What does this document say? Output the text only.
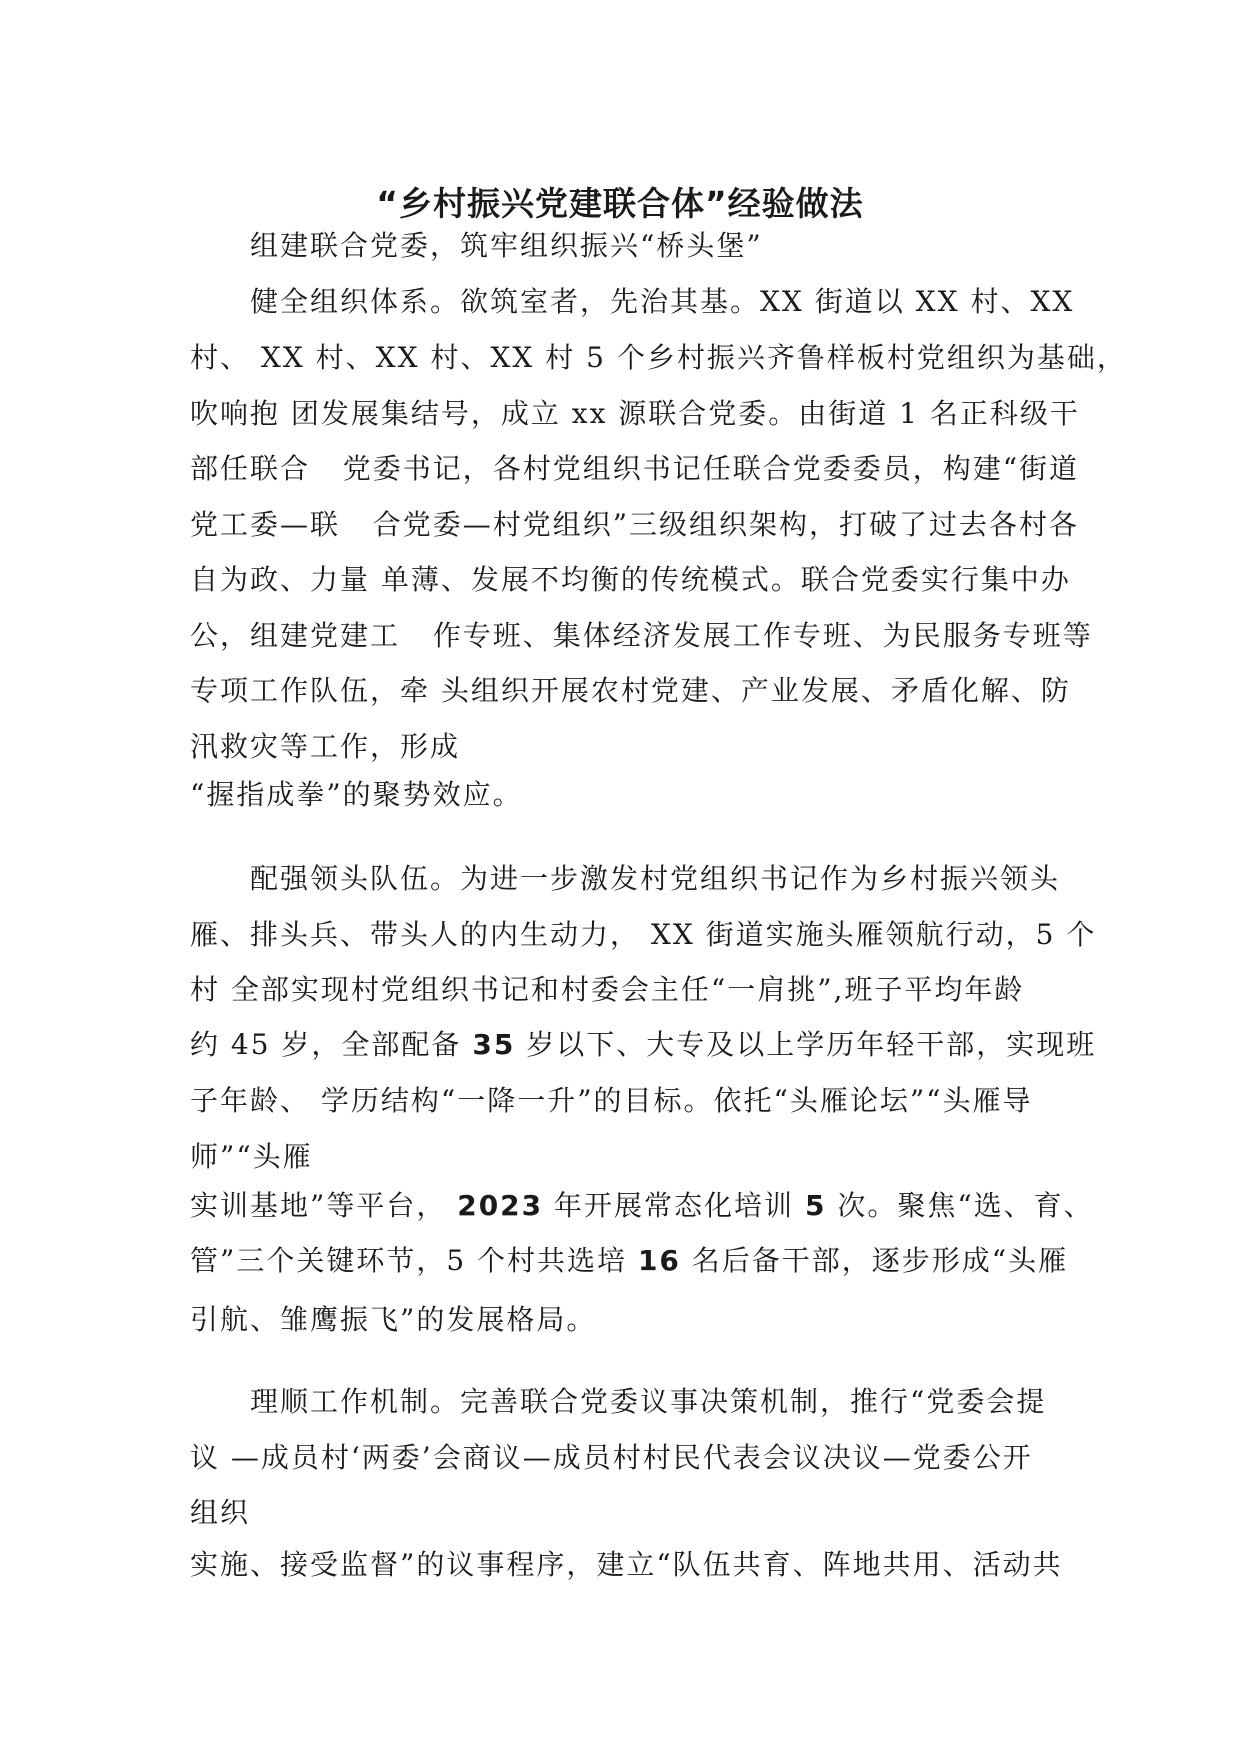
“乡村振兴党建联合体”经验做法
组建联合党委，筑牢组织振兴“桥头堡”
健全组织体系。欲筑室者，先治其基。XX 街道以 XX 村、XX
村、 XX 村、XX 村、XX 村 5 个乡村振兴齐鲁样板村党组织为基础，
吹响抱 团发展集结号，成立 xx 源联合党委。由街道 1 名正科级干
部任联合   党委书记，各村党组织书记任联合党委委员，构建“街道
党工委—联   合党委—村党组织”三级组织架构，打破了过去各村各
自为政、力量 单薄、发展不均衡的传统模式。联合党委实行集中办
公，组建党建工   作专班、集体经济发展工作专班、为民服务专班等
专项工作队伍，牵 头组织开展农村党建、产业发展、矛盾化解、防
汛救灾等工作，形成
“握指成拳”的聚势效应。
配强领头队伍。为进一步激发村党组织书记作为乡村振兴领头
雁、排头兵、带头人的内生动力， XX 街道实施头雁领航行动，5 个
村 全部实现村党组织书记和村委会主任“一肩挑”,班子平均年龄
约 45 岁，全部配备 35 岁以下、大专及以上学历年轻干部，实现班
子年龄、 学历结构“一降一升”的目标。依托“头雁论坛”“头雁导
师”“头雁
实训基地”等平台， 2023 年开展常态化培训 5 次。聚焦“选、育、
管”三个关键环节，5 个村共选培 16 名后备干部，逐步形成“头雁
引航、雏鹰振飞”的发展格局。
理顺工作机制。完善联合党委议事决策机制，推行“党委会提
议 —成员村‘两委’会商议—成员村村民代表会议决议—党委公开
组织
实施、接受监督”的议事程序，建立“队伍共育、阵地共用、活动共
